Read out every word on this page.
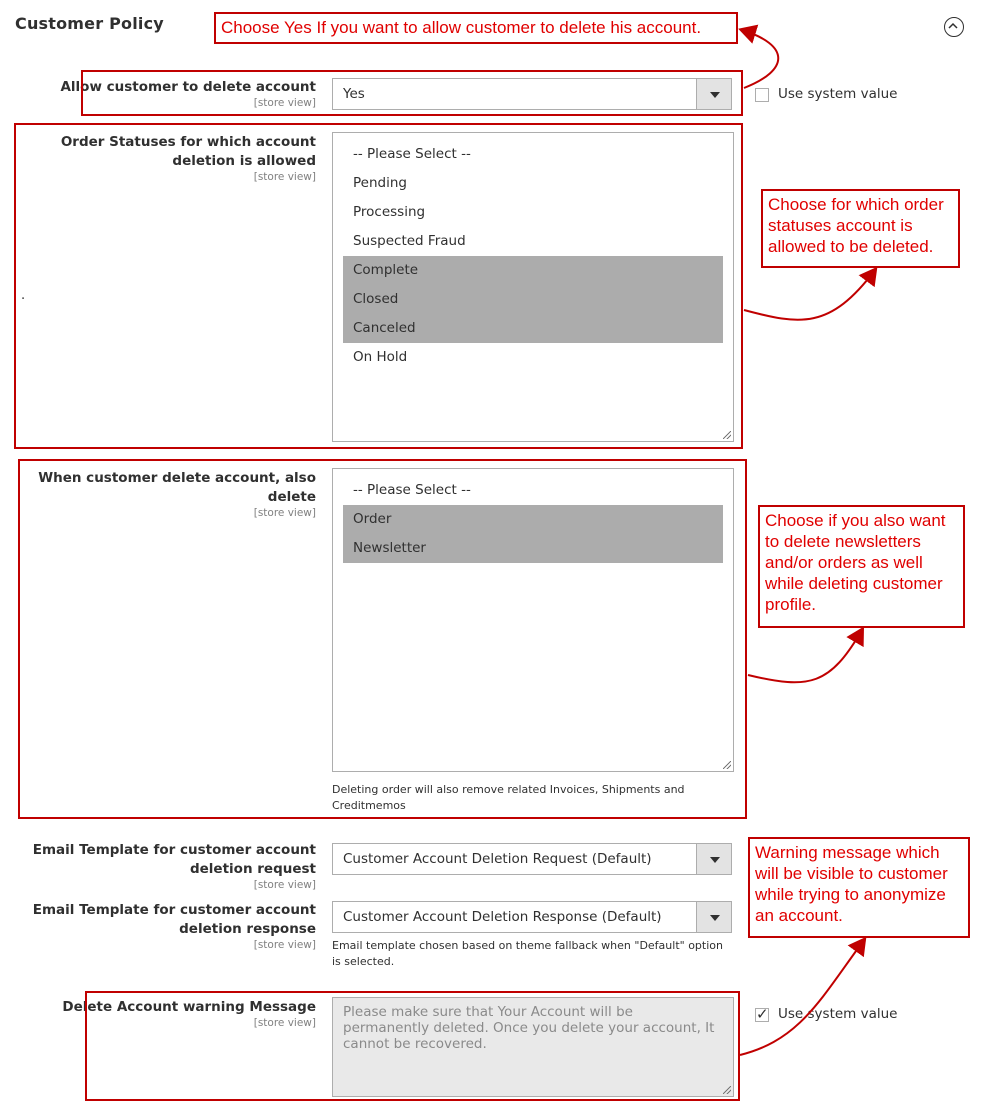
Customer Policy
Allow customer to delete account
[store view]
Yes	Use system value
Order Statuses for which account deletion is allowed
[store view]
.
-- Please Select --
Pending
Processing
Suspected Fraud
Complete
Closed
Canceled
On Hold
When customer delete account, also delete
[store view]
-- Please Select --
Order
Newsletter
Deleting order will also remove related Invoices, Shipments and Creditmemos
Email Template for customer account deletion request
[store view]
Customer Account Deletion Request (Default)
Email Template for customer account deletion response
[store view]
Customer Account Deletion Response (Default)
Email template chosen based on theme fallback when "Default" option is selected.
Delete Account warning Message
[store view]
Please make sure that Your Account will be permanently deleted. Once you delete your account, It cannot be recovered.
✓
Use system value
Choose Yes If you want to allow customer to delete his account.
Choose for which order statuses account is allowed to be deleted.
Choose if you also want to delete newsletters and/or orders as well while deleting customer profile.
Warning message which will be visible to customer while trying to anonymize an account.
